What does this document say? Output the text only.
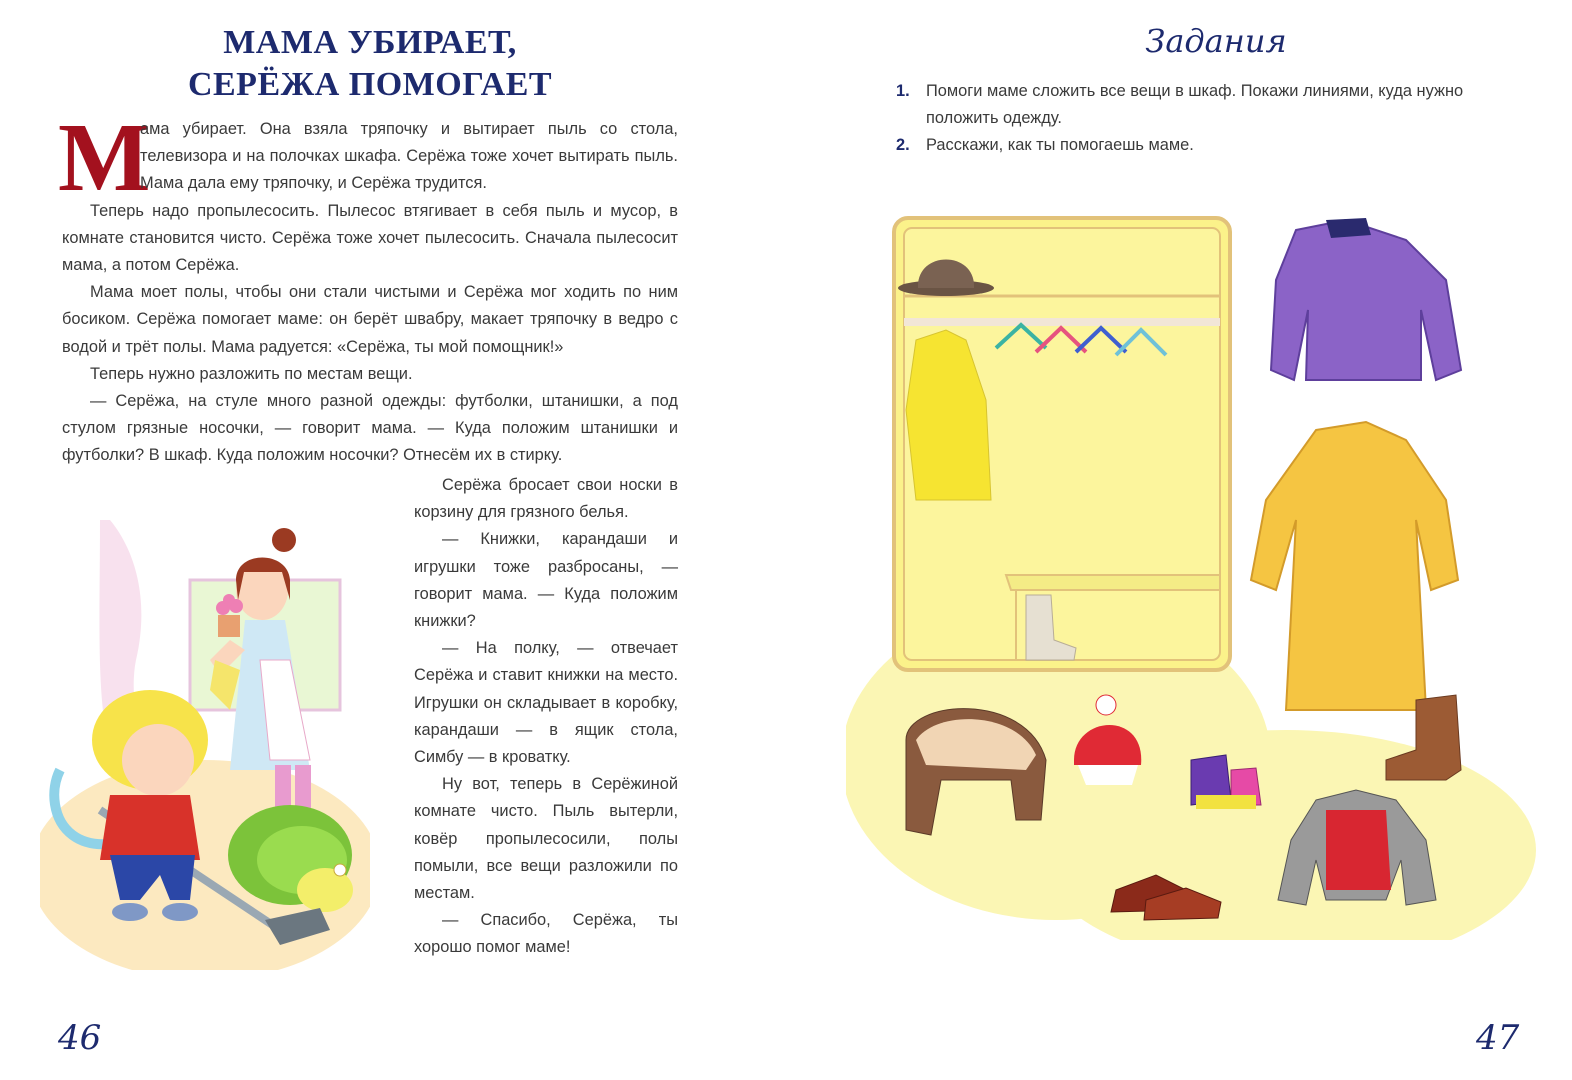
МАМА УБИРАЕТ,
СЕРЁЖА ПОМОГАЕТ
М

ама убирает. Она взяла тряпочку и вытирает пыль со стола, телевизора и на полочках шкафа. Серёжа тоже хочет вытирать пыль. Мама дала ему тряпочку, и Серёжа трудится.

Теперь надо пропылесосить. Пылесос втягивает в себя пыль и мусор, в комнате становится чисто. Серёжа тоже хочет пылесосить. Сначала пылесосит мама, а потом Серёжа.

Мама моет полы, чтобы они стали чистыми и Серёжа мог ходить по ним босиком. Серёжа помогает маме: он берёт швабру, макает тряпочку в ведро с водой и трёт полы. Мама радуется: «Серёжа, ты мой помощник!»

Теперь нужно разложить по местам вещи.

— Серёжа, на стуле много разной одежды: футболки, штанишки, а под стулом грязные носочки, — говорит мама. — Куда положим штанишки и футболки? В шкаф. Куда положим носочки? Отнесём их в стирку.

Серёжа бросает свои носки в корзину для грязного белья.

— Книжки, карандаши и игрушки тоже разбросаны, — говорит мама. — Куда положим книжки?

— На полку, — отвечает Серёжа и ставит книжки на место. Игрушки он складывает в коробку, карандаши — в ящик стола, Симбу — в кроватку.

Ну вот, теперь в Серёжиной комнате чисто. Пыль вытерли, ковёр пропылесосили, полы помыли, все вещи разложили по местам.

— Спасибо, Серёжа, ты хорошо помог маме!

46
Задания
1. Помоги маме сложить все вещи в шкаф. Покажи линиями, куда нужно положить одежду.
2. Расскажи, как ты помогаешь маме.
47
